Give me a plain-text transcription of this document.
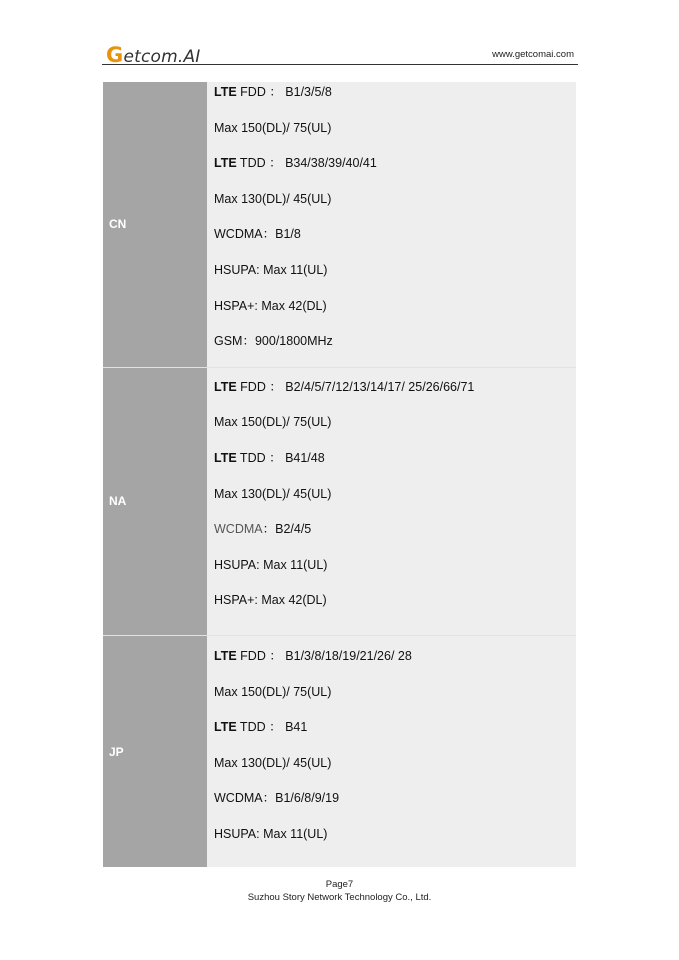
Getcom.AI	www.getcomai.com
CN
LTE FDD ： B1/3/5/8
Max 150(DL)/ 75(UL)
LTE TDD ： B34/38/39/40/41
Max 130(DL)/ 45(UL)
WCDMA：B1/8
HSUPA: Max 11(UL)
HSPA+: Max 42(DL)
GSM：900/1800MHz
NA
LTE FDD ： B2/4/5/7/12/13/14/17/ 25/26/66/71
Max 150(DL)/ 75(UL)
LTE TDD ： B41/48
Max 130(DL)/ 45(UL)
WCDMA：B2/4/5
HSUPA: Max 11(UL)
HSPA+: Max 42(DL)
JP
LTE FDD ： B1/3/8/18/19/21/26/ 28
Max 150(DL)/ 75(UL)
LTE TDD ： B41
Max 130(DL)/ 45(UL)
WCDMA：B1/6/8/9/19
HSUPA: Max 11(UL)
Page7
Suzhou Story Network Technology Co., Ltd.
